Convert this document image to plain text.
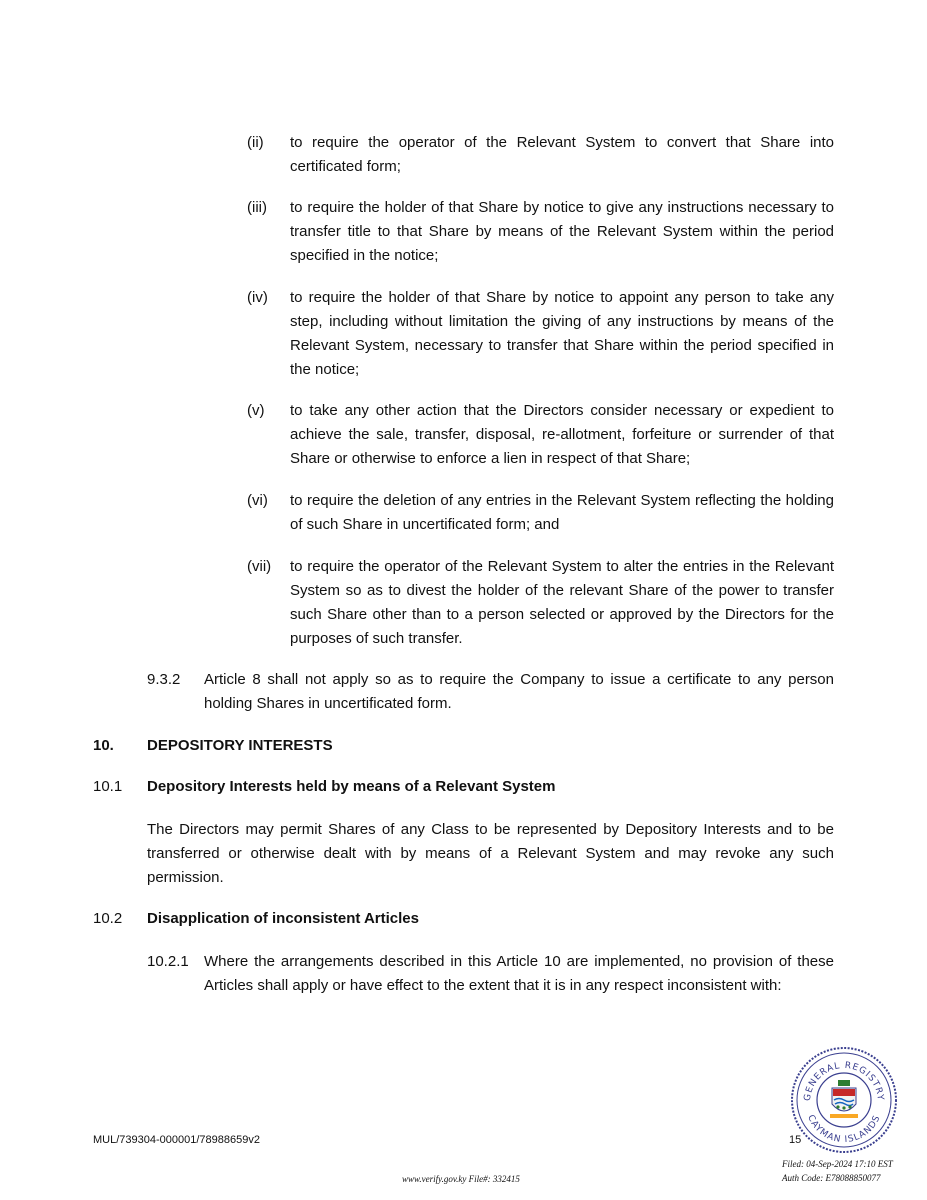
(ii) to require the operator of the Relevant System to convert that Share into certificated form;

(iii) to require the holder of that Share by notice to give any instructions necessary to transfer title to that Share by means of the Relevant System within the period specified in the notice;

(iv) to require the holder of that Share by notice to appoint any person to take any step, including without limitation the giving of any instructions by means of the Relevant System, necessary to transfer that Share within the period specified in the notice;

(v) to take any other action that the Directors consider necessary or expedient to achieve the sale, transfer, disposal, re-allotment, forfeiture or surrender of that Share or otherwise to enforce a lien in respect of that Share;

(vi) to require the deletion of any entries in the Relevant System reflecting the holding of such Share in uncertificated form; and

(vii) to require the operator of the Relevant System to alter the entries in the Relevant System so as to divest the holder of the relevant Share of the power to transfer such Share other than to a person selected or approved by the Directors for the purposes of such transfer.

9.3.2 Article 8 shall not apply so as to require the Company to issue a certificate to any person holding Shares in uncertificated form.

10. DEPOSITORY INTERESTS
10.1 Depository Interests held by means of a Relevant System

The Directors may permit Shares of any Class to be represented by Depository Interests and to be transferred or otherwise dealt with by means of a Relevant System and may revoke any such permission.

10.2 Disapplication of inconsistent Articles
10.2.1 Where the arrangements described in this Article 10 are implemented, no provision of these Articles shall apply or have effect to the extent that it is in any respect inconsistent with:

MUL/739304-000001/78988659v2	15
www.verify.gov.ky File#: 332415
Filed: 04-Sep-2024 17:10 EST
Auth Code: E78088850077
GENERAL REGISTRY
CAYMAN ISLANDS
